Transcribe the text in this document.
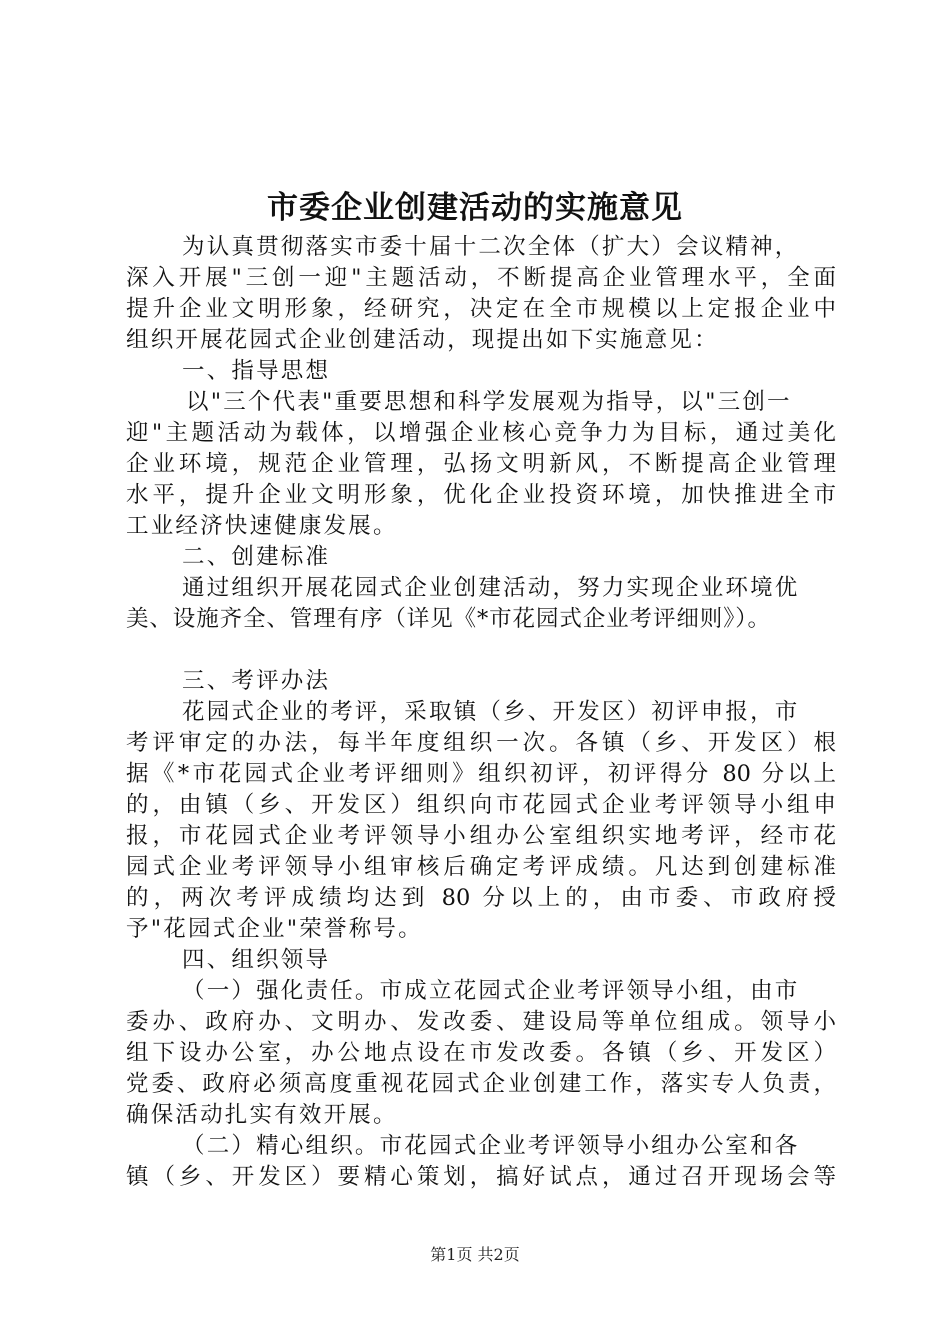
市委企业创建活动的实施意见
为认真贯彻落实市委十届十二次全体（扩大）会议精神，
深入开展"三创一迎"主题活动，不断提高企业管理水平，全面
提升企业文明形象，经研究，决定在全市规模以上定报企业中
组织开展花园式企业创建活动，现提出如下实施意见：
一、指导思想
以"三个代表"重要思想和科学发展观为指导，以"三创一
迎"主题活动为载体，以增强企业核心竞争力为目标，通过美化
企业环境，规范企业管理，弘扬文明新风，不断提高企业管理
水平，提升企业文明形象，优化企业投资环境，加快推进全市
工业经济快速健康发展。
二、创建标准
通过组织开展花园式企业创建活动，努力实现企业环境优
美、设施齐全、管理有序（详见《*市花园式企业考评细则》）。
三、考评办法
花园式企业的考评，采取镇（乡、开发区）初评申报，市
考评审定的办法，每半年度组织一次。各镇（乡、开发区）根
据《*市花园式企业考评细则》组织初评，初评得分 80 分以上
的，由镇（乡、开发区）组织向市花园式企业考评领导小组申
报，市花园式企业考评领导小组办公室组织实地考评，经市花
园式企业考评领导小组审核后确定考评成绩。凡达到创建标准
的，两次考评成绩均达到 80 分以上的，由市委、市政府授
予"花园式企业"荣誉称号。
四、组织领导
（一）强化责任。市成立花园式企业考评领导小组，由市
委办、政府办、文明办、发改委、建设局等单位组成。领导小
组下设办公室，办公地点设在市发改委。各镇（乡、开发区）
党委、政府必须高度重视花园式企业创建工作，落实专人负责，
确保活动扎实有效开展。
（二）精心组织。市花园式企业考评领导小组办公室和各
镇（乡、开发区）要精心策划，搞好试点，通过召开现场会等
第1页 共2页
